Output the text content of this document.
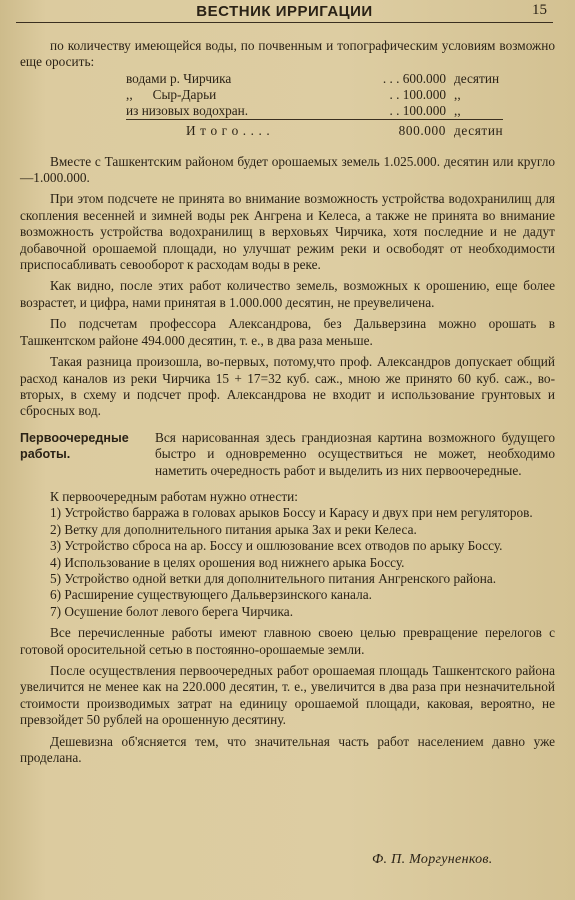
ВЕСТНИК ИРРИГАЦИИ	15

по количеству имеющейся воды, по почвенным и топографическим условиям возможно еще оросить:

водами р. Чирчика	. . . 600.000	десятин
,,      Сыр-Дарьи	. . 100.000	,,
из низовых водохран.	. . 100.000	,,
И т о г о . . . .	800.000	десятин

Вместе с Ташкентским районом будет орошаемых земель 1.025.000. десятин или кругло—1.000.000.

При этом подсчете не принята во внимание возможность устройства водохранилищ для скопления весенней и зимней воды рек Ангрена и Келеса, а также не принята во внимание возможность устройства водохранилищ в верховьях Чирчика, хотя последние и не дадут добавочной орошаемой площади, но улучшат режим реки и освободят от необходимости приспосабливать севооборот к расходам воды в реке.

Как видно, после этих работ количество земель, возможных к орошению, еще более возрастет, и цифра, нами принятая в 1.000.000 десятин, не преувеличена.

По подсчетам профессора Александрова, без Дальверзина можно орошать в Ташкентском районе 494.000 десятин, т. е., в два раза меньше.

Такая разница произошла, во-первых, потому,что проф. Александров допускает общий расход каналов из реки Чирчика 15 + 17=32 куб. саж., мною же принято 60 куб. саж., во-вторых, в схему и подсчет проф. Александрова не входит и использование грунтовых и сбросных вод.

Первоочередные работы.

Вся нарисованная здесь грандиозная картина возможного будущего быстро и одновременно осуществиться не может, необходимо наметить очередность работ и выделить из них первоочередные.

К первоочередным работам нужно отнести:

1) Устройство барража в головах арыков Боссу и Карасу и двух при нем регуляторов.

2) Ветку для дополнительного питания арыка Зах и реки Келеса.

3) Устройство сброса на ар. Боссу и ошлюзование всех отводов по арыку Боссу.

4) Использование в целях орошения вод нижнего арыка Боссу.

5) Устройство одной ветки для дополнительного питания Ангренского района.

6) Расширение существующего Дальверзинского канала.

7) Осушение болот левого берега Чирчика.

Все перечисленные работы имеют главною своею целью превращение перелогов с готовой оросительной сетью в постоянно-орошаемые земли.

После осуществления первоочередных работ орошаемая площадь Ташкентского района увеличится не менее как на 220.000 десятин, т. е., увеличится в два раза при незначительной стоимости производимых затрат на единицу орошаемой площади, каковая, вероятно, не превзойдет 50 рублей на орошенную десятину.

Дешевизна об'ясняется тем, что значительная часть работ населением давно уже проделана.

Ф. П. Моргуненков.
